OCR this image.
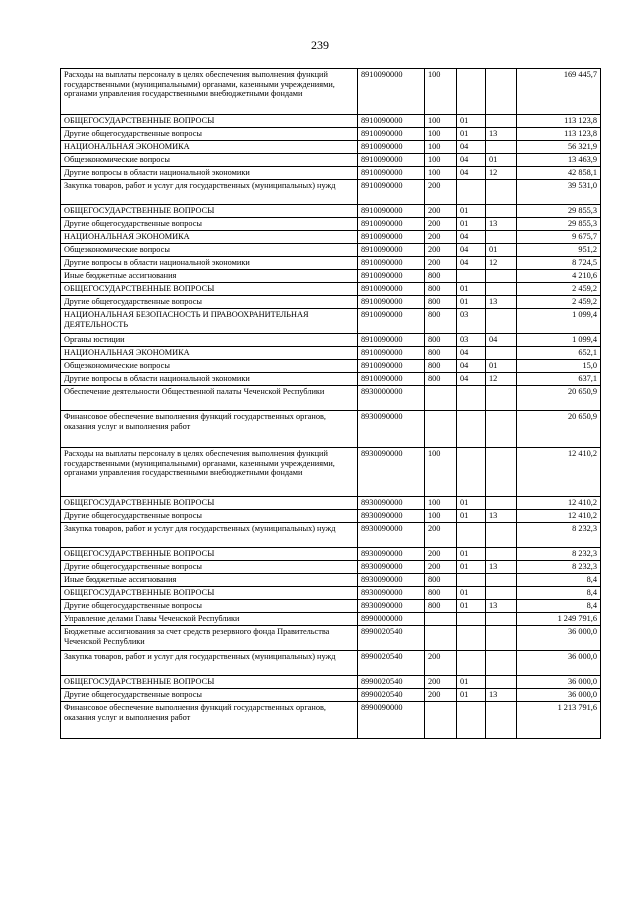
239
Расходы на выплаты персоналу в целях обеспечения выполнения функций государственными (муниципальными) органами, казенными учреждениями, органами управления государственными внебюджетными фондами	8910090000	100			169 445,7
ОБЩЕГОСУДАРСТВЕННЫЕ ВОПРОСЫ	8910090000	100	01		113 123,8
Другие общегосударственные вопросы	8910090000	100	01	13	113 123,8
НАЦИОНАЛЬНАЯ ЭКОНОМИКА	8910090000	100	04		56 321,9
Общеэкономические вопросы	8910090000	100	04	01	13 463,9
Другие вопросы в области национальной экономики	8910090000	100	04	12	42 858,1
Закупка товаров, работ и услуг для государственных (муниципальных) нужд	8910090000	200			39 531,0
ОБЩЕГОСУДАРСТВЕННЫЕ ВОПРОСЫ	8910090000	200	01		29 855,3
Другие общегосударственные вопросы	8910090000	200	01	13	29 855,3
НАЦИОНАЛЬНАЯ ЭКОНОМИКА	8910090000	200	04		9 675,7
Общеэкономические вопросы	8910090000	200	04	01	951,2
Другие вопросы в области национальной экономики	8910090000	200	04	12	8 724,5
Иные бюджетные ассигнования	8910090000	800			4 210,6
ОБЩЕГОСУДАРСТВЕННЫЕ ВОПРОСЫ	8910090000	800	01		2 459,2
Другие общегосударственные вопросы	8910090000	800	01	13	2 459,2
НАЦИОНАЛЬНАЯ БЕЗОПАСНОСТЬ И ПРАВООХРАНИТЕЛЬНАЯ ДЕЯТЕЛЬНОСТЬ	8910090000	800	03		1 099,4
Органы юстиции	8910090000	800	03	04	1 099,4
НАЦИОНАЛЬНАЯ ЭКОНОМИКА	8910090000	800	04		652,1
Общеэкономические вопросы	8910090000	800	04	01	15,0
Другие вопросы в области национальной экономики	8910090000	800	04	12	637,1
Обеспечение деятельности Общественной палаты Чеченской Республики	8930000000				20 650,9
Финансовое обеспечение выполнения функций государственных органов, оказания услуг и выполнения работ	8930090000				20 650,9
Расходы на выплаты персоналу в целях обеспечения выполнения функций государственными (муниципальными) органами, казенными учреждениями, органами управления государственными внебюджетными фондами	8930090000	100			12 410,2
ОБЩЕГОСУДАРСТВЕННЫЕ ВОПРОСЫ	8930090000	100	01		12 410,2
Другие общегосударственные вопросы	8930090000	100	01	13	12 410,2
Закупка товаров, работ и услуг для государственных (муниципальных) нужд	8930090000	200			8 232,3
ОБЩЕГОСУДАРСТВЕННЫЕ ВОПРОСЫ	8930090000	200	01		8 232,3
Другие общегосударственные вопросы	8930090000	200	01	13	8 232,3
Иные бюджетные ассигнования	8930090000	800			8,4
ОБЩЕГОСУДАРСТВЕННЫЕ ВОПРОСЫ	8930090000	800	01		8,4
Другие общегосударственные вопросы	8930090000	800	01	13	8,4
Управление делами Главы Чеченской Республики	8990000000				1 249 791,6
Бюджетные ассигнования за счет средств резервного фонда Правительства Чеченской Республики	8990020540				36 000,0
Закупка товаров, работ и услуг для государственных (муниципальных) нужд	8990020540	200			36 000,0
ОБЩЕГОСУДАРСТВЕННЫЕ ВОПРОСЫ	8990020540	200	01		36 000,0
Другие общегосударственные вопросы	8990020540	200	01	13	36 000,0
Финансовое обеспечение выполнения функций государственных органов, оказания услуг и выполнения работ	8990090000				1 213 791,6
